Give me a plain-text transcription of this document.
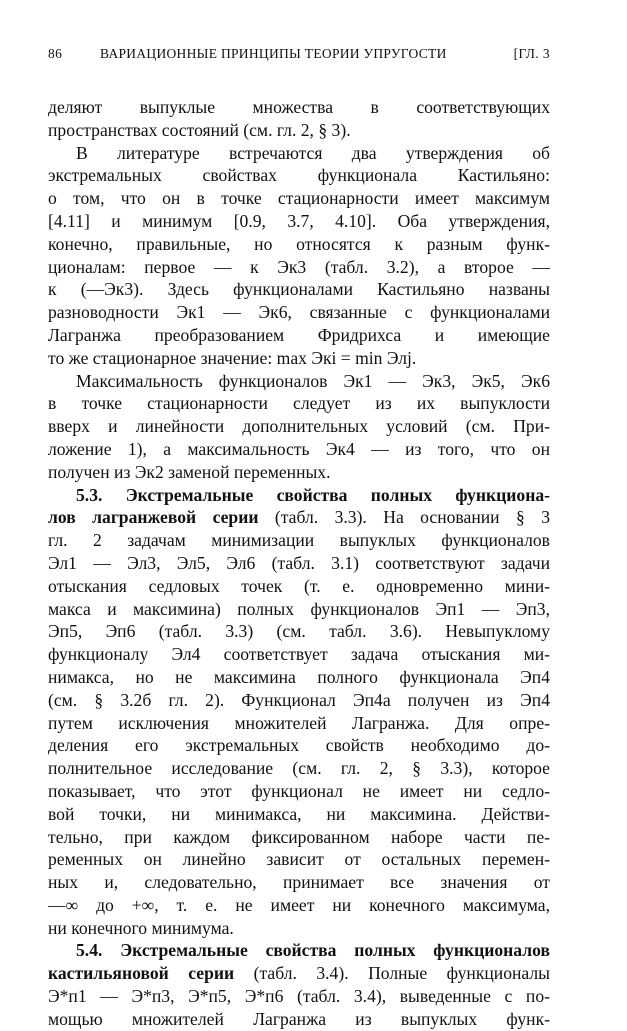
86	ВАРИАЦИОННЫЕ ПРИНЦИПЫ ТЕОРИИ УПРУГОСТИ	[ГЛ. 3
деляют выпуклые множества в соответствующих
пространствах состояний (см. гл. 2, § 3).
В литературе встречаются два утверждения об
экстремальных свойствах функционала Кастильяно:
о том, что он в точке стационарности имеет максимум
[4.11] и минимум [0.9, 3.7, 4.10]. Оба утверждения,
конечно, правильные, но относятся к разным функ-
ционалам: первое — к Эк3 (табл. 3.2), а второе —
к (—Эк3). Здесь функционалами Кастильяно названы
разноводности Эк1 — Эк6, связанные с функционалами
Лагранжа преобразованием Фридрихса и имеющие
то же стационарное значение: max Экi = min Элj.
Максимальность функционалов Эк1 — Эк3, Эк5, Эк6
в точке стационарности следует из их выпуклости
вверх и линейности дополнительных условий (см. При-
ложение 1), а максимальность Эк4 — из того, что он
получен из Эк2 заменой переменных.
5.3. Экстремальные свойства полных функциона-
лов лагранжевой серии (табл. 3.3). На основании § 3
гл. 2 задачам минимизации выпуклых функционалов
Эл1 — Эл3, Эл5, Эл6 (табл. 3.1) соответствуют задачи
отыскания седловых точек (т. е. одновременно мини-
макса и максимина) полных функционалов Эп1 — Эп3,
Эп5, Эп6 (табл. 3.3) (см. табл. 3.6). Невыпуклому
функционалу Эл4 соответствует задача отыскания ми-
нимакса, но не максимина полного функционала Эп4
(см. § 3.2б гл. 2). Функционал Эп4а получен из Эп4
путем исключения множителей Лагранжа. Для опре-
деления его экстремальных свойств необходимо до-
полнительное исследование (см. гл. 2, § 3.3), которое
показывает, что этот функционал не имеет ни седло-
вой точки, ни минимакса, ни максимина. Действи-
тельно, при каждом фиксированном наборе части пе-
ременных он линейно зависит от остальных перемен-
ных и, следовательно, принимает все значения от
—∞ до +∞, т. е. не имеет ни конечного максимума,
ни конечного минимума.
5.4. Экстремальные свойства полных функционалов
кастильяновой серии (табл. 3.4). Полные функционалы
Э*п1 — Э*п3, Э*п5, Э*п6 (табл. 3.4), выведенные с по-
мощью множителей Лагранжа из выпуклых функ-
